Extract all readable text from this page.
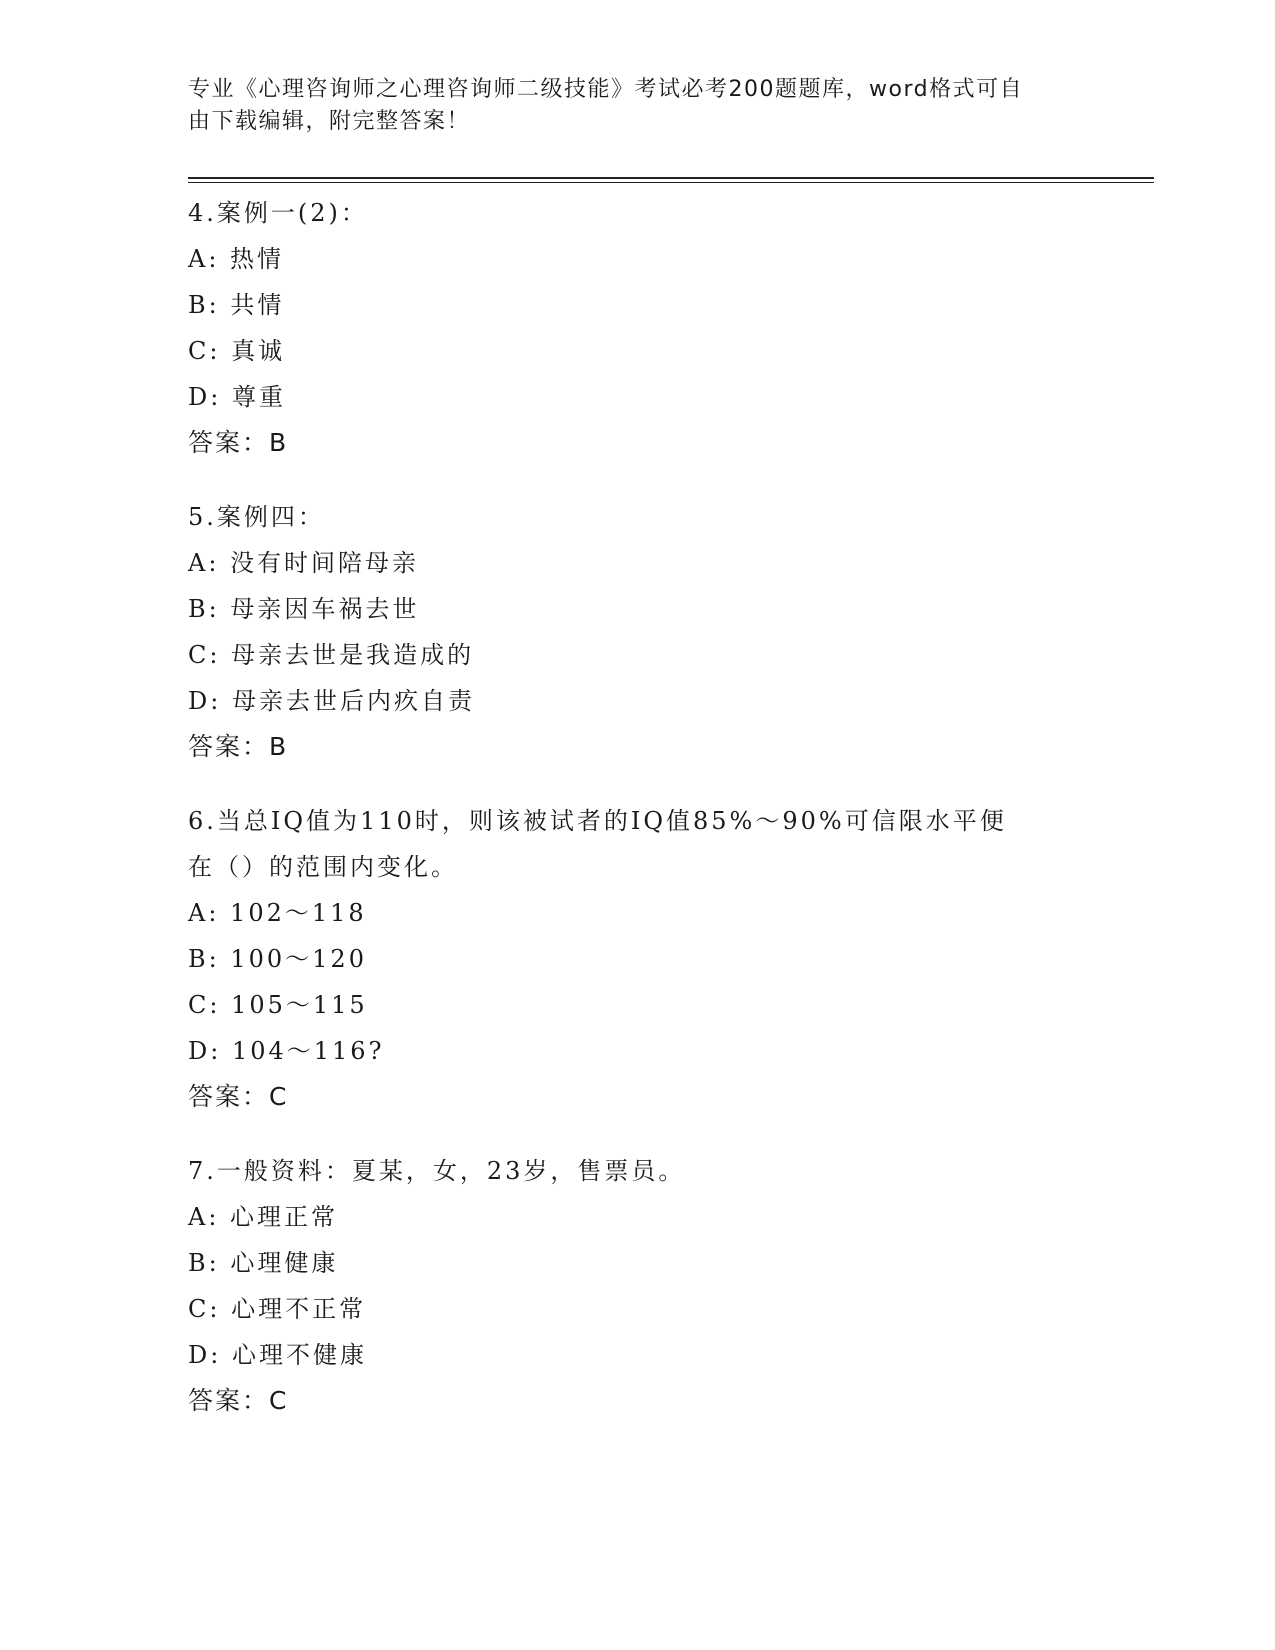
专业《心理咨询师之心理咨询师二级技能》考试必考200题题库，word格式可自
由下载编辑，附完整答案！
4.案例一(2)：
A: 热情
B: 共情
C: 真诚
D: 尊重
答案：B
5.案例四：
A: 没有时间陪母亲
B: 母亲因车祸去世
C: 母亲去世是我造成的
D: 母亲去世后内疚自责
答案：B
6.当总IQ值为110时，则该被试者的IQ值85%～90%可信限水平便
在（）的范围内变化。
A: 102～118
B: 100～120
C: 105～115
D: 104～116?
答案：C
7.一般资料：夏某，女，23岁，售票员。
A: 心理正常
B: 心理健康
C: 心理不正常
D: 心理不健康
答案：C
